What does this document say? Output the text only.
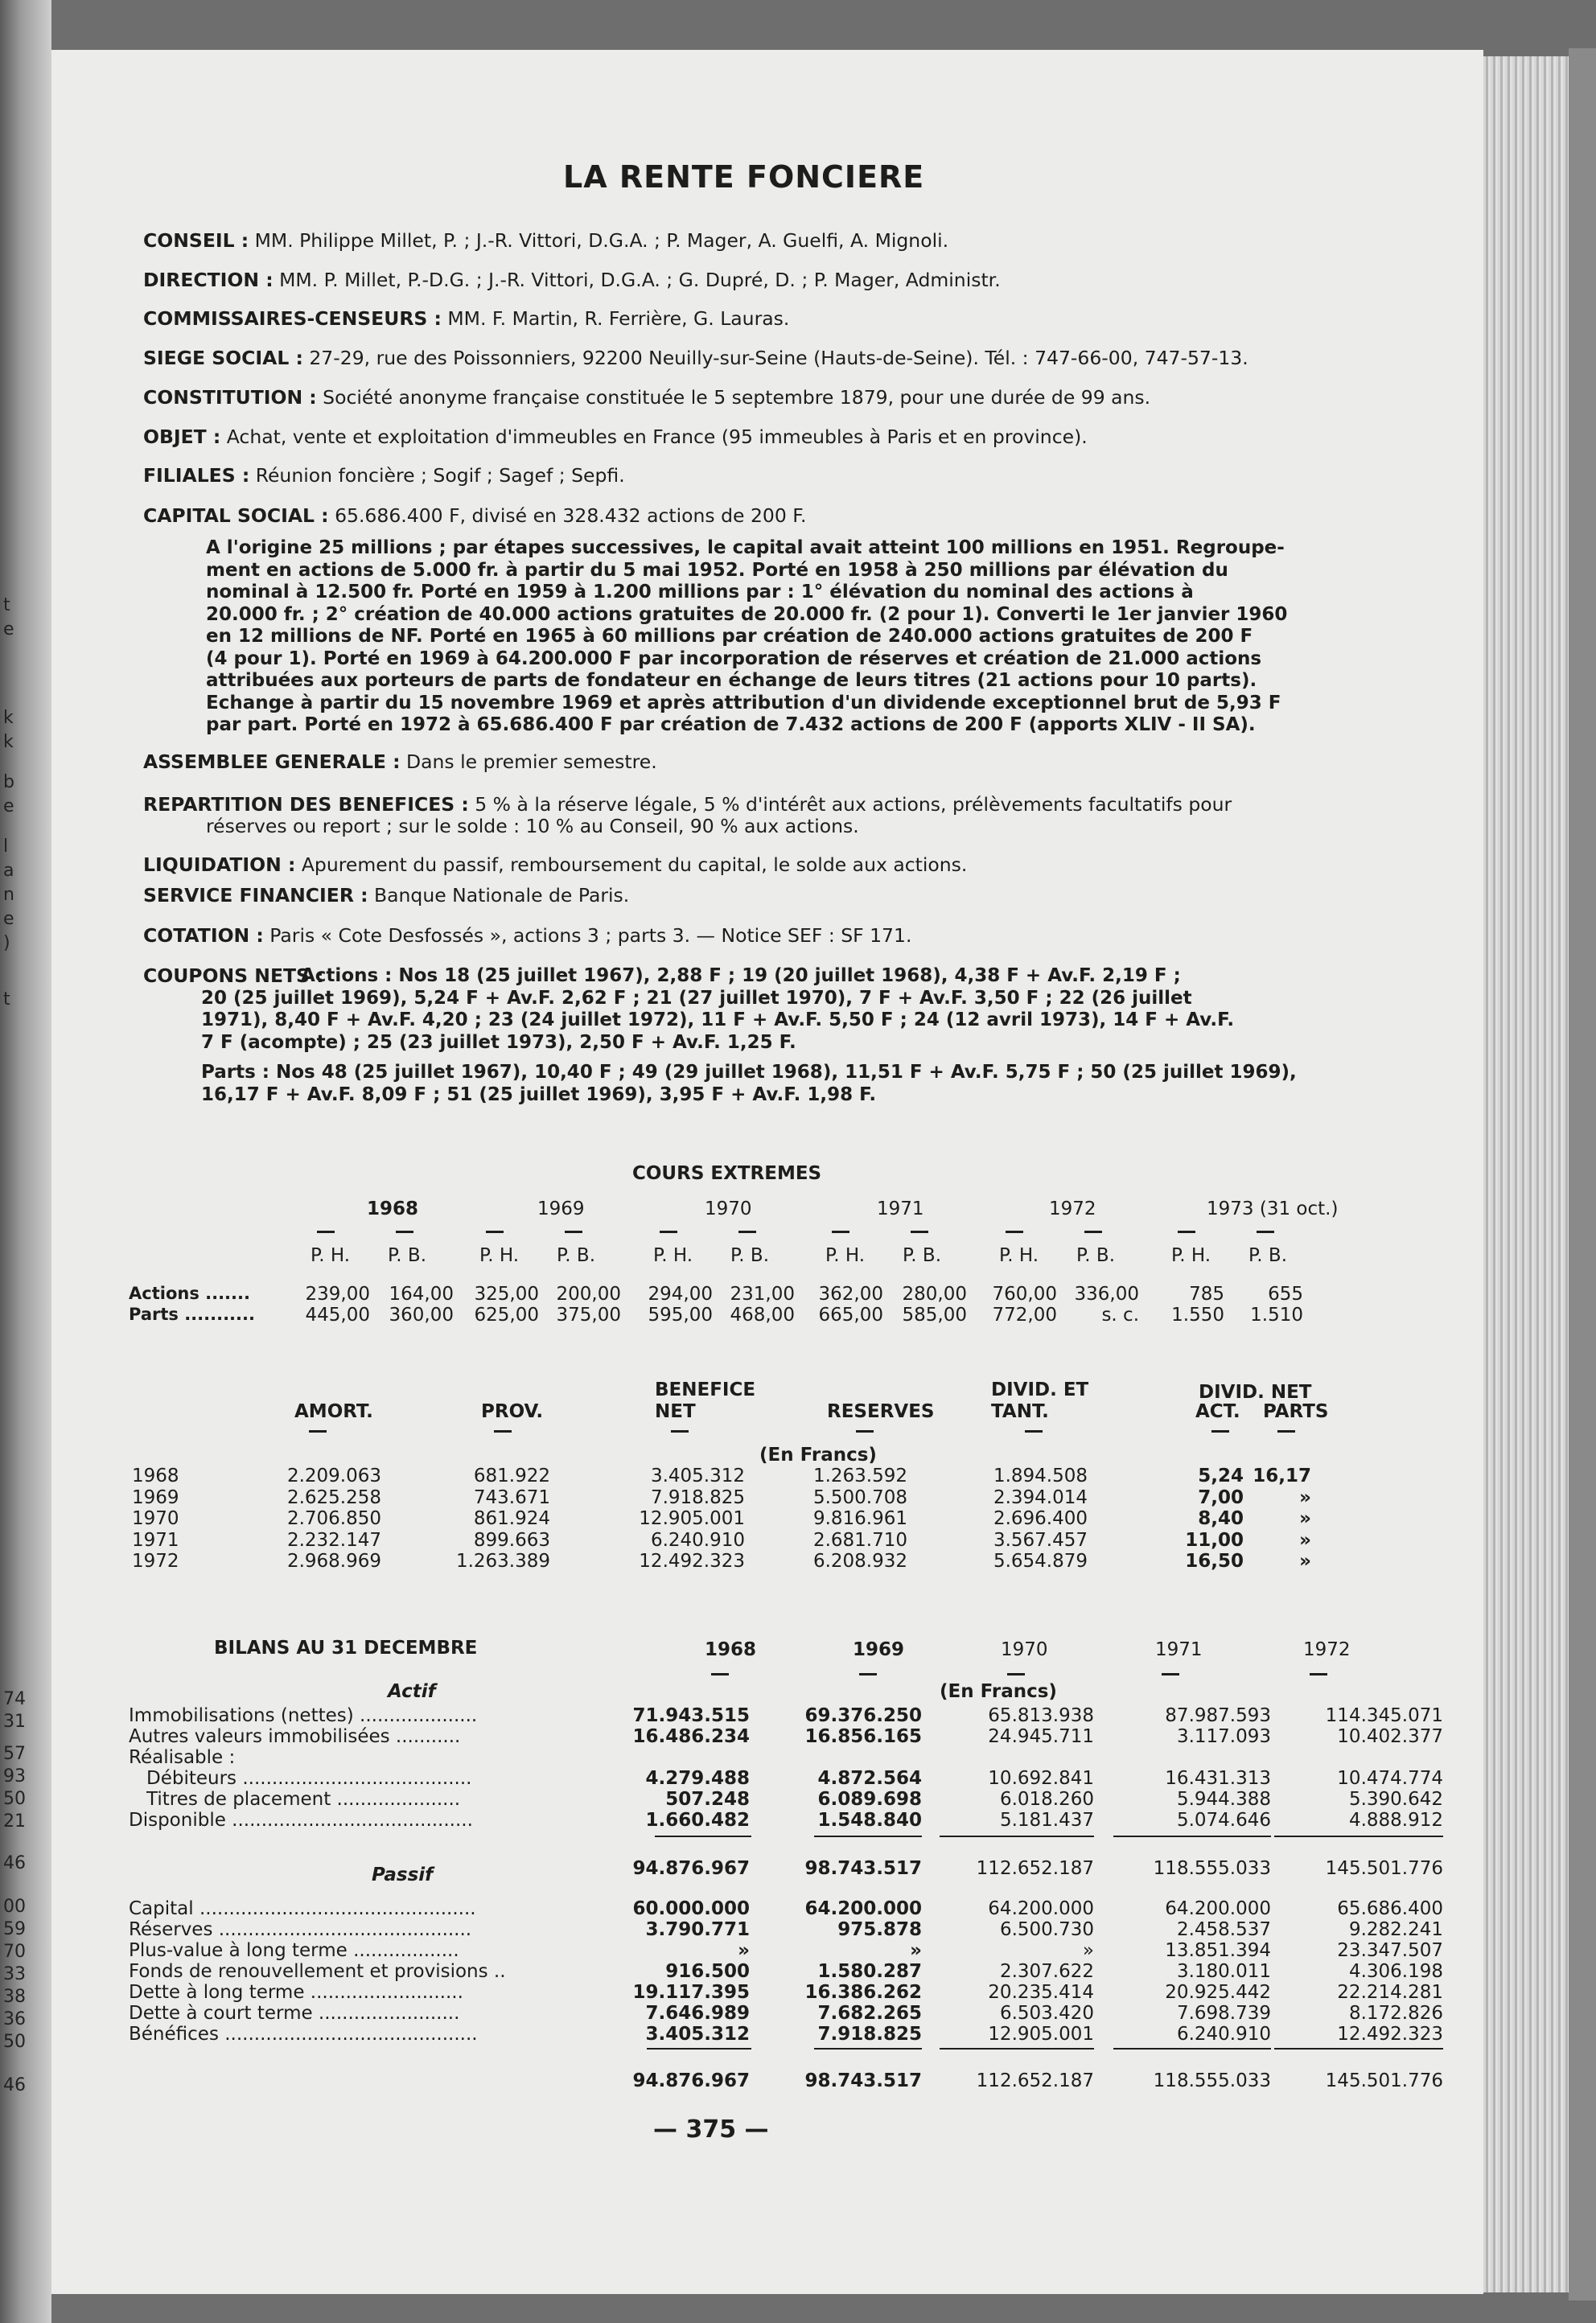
t
e
k
k
b
e
l
a
n
e
)
t
74
31
57
93
50
21
46
00
59
70
33
38
36
50
46
LA RENTE FONCIERE
CONSEIL : MM. Philippe Millet, P. ; J.-R. Vittori, D.G.A. ; P. Mager, A. Guelfi, A. Mignoli.
DIRECTION : MM. P. Millet, P.-D.G. ; J.-R. Vittori, D.G.A. ; G. Dupré, D. ; P. Mager, Administr.
COMMISSAIRES-CENSEURS : MM. F. Martin, R. Ferrière, G. Lauras.
SIEGE SOCIAL : 27-29, rue des Poissonniers, 92200 Neuilly-sur-Seine (Hauts-de-Seine). Tél. : 747-66-00, 747-57-13.
CONSTITUTION : Société anonyme française constituée le 5 septembre 1879, pour une durée de 99 ans.
OBJET : Achat, vente et exploitation d'immeubles en France (95 immeubles à Paris et en province).
FILIALES : Réunion foncière ; Sogif ; Sagef ; Sepfi.
CAPITAL SOCIAL : 65.686.400 F, divisé en 328.432 actions de 200 F.
A l'origine 25 millions ; par étapes successives, le capital avait atteint 100 millions en 1951. Regroupe-
ment en actions de 5.000 fr. à partir du 5 mai 1952. Porté en 1958 à 250 millions par élévation du
nominal à 12.500 fr. Porté en 1959 à 1.200 millions par : 1° élévation du nominal des actions à
20.000 fr. ; 2° création de 40.000 actions gratuites de 20.000 fr. (2 pour 1). Converti le 1er janvier 1960
en 12 millions de NF. Porté en 1965 à 60 millions par création de 240.000 actions gratuites de 200 F
(4 pour 1). Porté en 1969 à 64.200.000 F par incorporation de réserves et création de 21.000 actions
attribuées aux porteurs de parts de fondateur en échange de leurs titres (21 actions pour 10 parts).
Echange à partir du 15 novembre 1969 et après attribution d'un dividende exceptionnel brut de 5,93 F
par part. Porté en 1972 à 65.686.400 F par création de 7.432 actions de 200 F (apports XLIV - II SA).
ASSEMBLEE GENERALE : Dans le premier semestre.
REPARTITION DES BENEFICES : 5 % à la réserve légale, 5 % d'intérêt aux actions, prélèvements facultatifs pour
réserves ou report ; sur le solde : 10 % au Conseil, 90 % aux actions.
LIQUIDATION : Apurement du passif, remboursement du capital, le solde aux actions.
SERVICE FINANCIER : Banque Nationale de Paris.
COTATION : Paris « Cote Desfossés », actions 3 ; parts 3. — Notice SEF : SF 171.
COUPONS NETS :
Actions : Nos 18 (25 juillet 1967), 2,88 F ; 19 (20 juillet 1968), 4,38 F + Av.F. 2,19 F ;
20 (25 juillet 1969), 5,24 F + Av.F. 2,62 F ; 21 (27 juillet 1970), 7 F + Av.F. 3,50 F ; 22 (26 juillet
1971), 8,40 F + Av.F. 4,20 ; 23 (24 juillet 1972), 11 F + Av.F. 5,50 F ; 24 (12 avril 1973), 14 F + Av.F.
7 F (acompte) ; 25 (23 juillet 1973), 2,50 F + Av.F. 1,25 F.
Parts : Nos 48 (25 juillet 1967), 10,40 F ; 49 (29 juillet 1968), 11,51 F + Av.F. 5,75 F ; 50 (25 juillet 1969),
16,17 F + Av.F. 8,09 F ; 51 (25 juillet 1969), 3,95 F + Av.F. 1,98 F.
COURS EXTREMES
1968	1969	1970	1971	1972	1973 (31 oct.)
P. H. P. B.	P. H. P. B.	P. H. P. B.	P. H. P. B.	P. H. P. B.	P. H. P. B.
Actions .......	239,00 164,00 325,00 200,00 294,00 231,00 362,00 280,00 760,00 336,00	785 655
Parts ...........	445,00 360,00 625,00 375,00 595,00 468,00 665,00 585,00 772,00 s. c. 1.550 1.510
AMORT.	PROV.
BENEFICE
NET	RESERVES
DIVID. ET
TANT.
DIVID. NET
ACT. PARTS
(En Francs)
1968	2.209.063	681.922	3.405.312	1.263.592	1.894.508	5,24 16,17
1969	2.625.258	743.671	7.918.825	5.500.708	2.394.014	7,00	»
1970	2.706.850	861.924	12.905.001	9.816.961	2.696.400	8,40	»
1971	2.232.147	899.663	6.240.910	2.681.710	3.567.457	11,00	»
1972	2.968.969	1.263.389	12.492.323	6.208.932	5.654.879	16,50	»
BILANS AU 31 DECEMBRE	1968	1969	1970	1971	1972
Actif	(En Francs)
Immobilisations (nettes) ....................	71.943.515	69.376.250	65.813.938	87.987.593	114.345.071
Autres valeurs immobilisées ...........	16.486.234	16.856.165	24.945.711	3.117.093	10.402.377
Réalisable :
Débiteurs .......................................	4.279.488	4.872.564	10.692.841	16.431.313	10.474.774
Titres de placement .....................	507.248	6.089.698	6.018.260	5.944.388	5.390.642
Disponible .........................................	1.660.482	1.548.840	5.181.437	5.074.646	4.888.912
94.876.967	98.743.517	112.652.187	118.555.033	145.501.776
Passif
Capital ...............................................	60.000.000	64.200.000	64.200.000	64.200.000	65.686.400
Réserves ...........................................	3.790.771	975.878	6.500.730	2.458.537	9.282.241
Plus-value à long terme ..................	»	»	»	13.851.394	23.347.507
Fonds de renouvellement et provisions ..	916.500	1.580.287	2.307.622	3.180.011	4.306.198
Dette à long terme ..........................	19.117.395	16.386.262	20.235.414	20.925.442	22.214.281
Dette à court terme ........................	7.646.989	7.682.265	6.503.420	7.698.739	8.172.826
Bénéfices ...........................................	3.405.312	7.918.825	12.905.001	6.240.910	12.492.323
94.876.967	98.743.517	112.652.187	118.555.033	145.501.776
— 375 —
